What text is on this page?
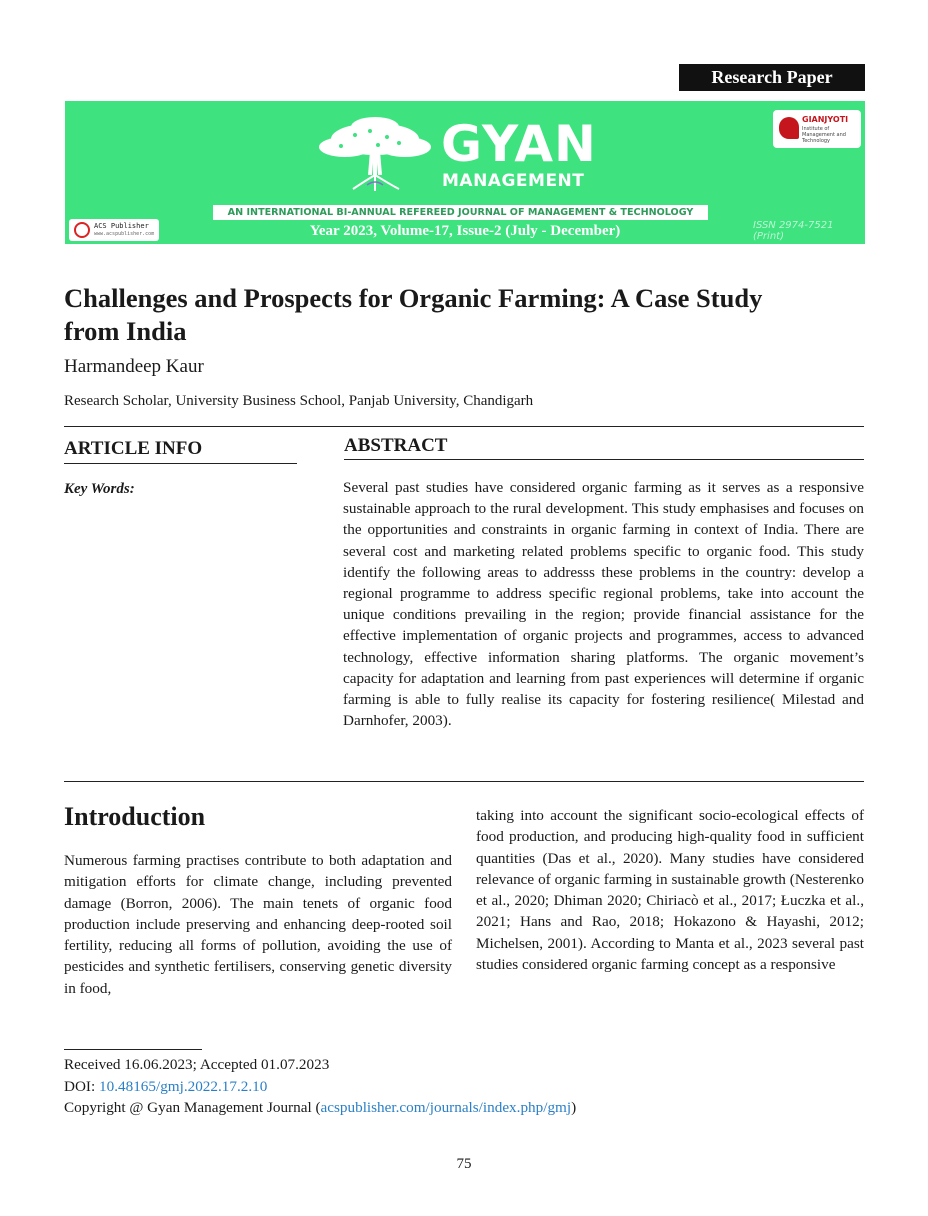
Research Paper
ACS Publisher
www.acspublisher.com
GYAN
MANAGEMENT
GIANJYOTI
Institute of Management and Technology
AN INTERNATIONAL BI-ANNUAL REFEREED JOURNAL OF MANAGEMENT & TECHNOLOGY
Year 2023, Volume-17, Issue-2 (July - December)	ISSN 2974-7521 (Print)
Challenges and Prospects for Organic Farming: A Case Study from India
Harmandeep Kaur
Research Scholar, University Business School, Panjab University, Chandigarh
ARTICLE INFO
Key Words:
ABSTRACT
Several past studies have considered organic farming as it serves as a responsive sustainable approach to the rural development. This study emphasises and focuses on the opportunities and constraints in organic farming in context of India. There are several cost and marketing related problems specific to organic food. This study identify the following areas to addresss these problems in the country: develop a regional programme to address specific regional problems, take into account the unique conditions prevailing in the region; provide financial assistance for the effective implementation of organic projects and programmes, access to advanced technology, effective information sharing platforms. The organic movement’s capacity for adaptation and learning from past experiences will determine if organic farming is able to fully realise its capacity for fostering resilience( Milestad and Darnhofer, 2003).
Introduction
Numerous farming practises contribute to both adaptation and mitigation efforts for climate change, including prevented damage (Borron, 2006). The main tenets of organic food production include preserving and enhancing deep-rooted soil fertility, reducing all forms of pollution, avoiding the use of pesticides and synthetic fertilisers, conserving genetic diversity in food,
taking into account the significant socio-ecological effects of food production, and producing high-quality food in sufficient quantities (Das et al., 2020). Many studies have considered relevance of organic farming in sustainable growth (Nesterenko et al., 2020; Dhiman 2020; Chiriacò et al., 2017; Łuczka et al., 2021; Hans and Rao, 2018; Hokazono & Hayashi, 2012; Michelsen, 2001). According to Manta et al., 2023 several past studies considered organic farming concept as a responsive
Received 16.06.2023; Accepted 01.07.2023
DOI: 10.48165/gmj.2022.17.2.10
Copyright @ Gyan Management Journal (acspublisher.com/journals/index.php/gmj)
75
